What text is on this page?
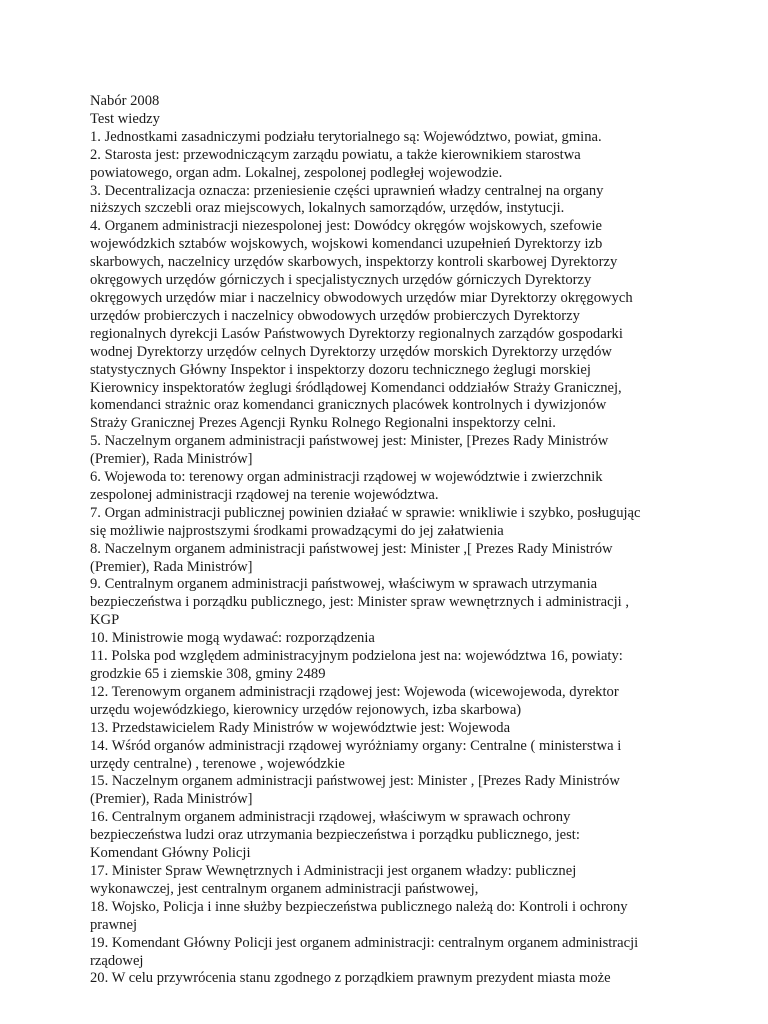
Nabór 2008
Test wiedzy
1. Jednostkami zasadniczymi podziału terytorialnego są: Województwo, powiat, gmina.
2. Starosta jest: przewodniczącym zarządu powiatu, a także kierownikiem starostwa
powiatowego, organ adm. Lokalnej, zespolonej podległej wojewodzie.
3. Decentralizacja oznacza: przeniesienie części uprawnień władzy centralnej na organy
niższych szczebli oraz miejscowych, lokalnych samorządów, urzędów, instytucji.
4. Organem administracji niezespolonej jest: Dowódcy okręgów wojskowych, szefowie
wojewódzkich sztabów wojskowych, wojskowi komendanci uzupełnień Dyrektorzy izb
skarbowych, naczelnicy urzędów skarbowych, inspektorzy kontroli skarbowej Dyrektorzy
okręgowych urzędów górniczych i specjalistycznych urzędów górniczych Dyrektorzy
okręgowych urzędów miar i naczelnicy obwodowych urzędów miar Dyrektorzy okręgowych
urzędów probierczych i naczelnicy obwodowych urzędów probierczych Dyrektorzy
regionalnych dyrekcji Lasów Państwowych Dyrektorzy regionalnych zarządów gospodarki
wodnej Dyrektorzy urzędów celnych Dyrektorzy urzędów morskich Dyrektorzy urzędów
statystycznych Główny Inspektor i inspektorzy dozoru technicznego żeglugi morskiej
Kierownicy inspektoratów żeglugi śródlądowej Komendanci oddziałów Straży Granicznej,
komendanci strażnic oraz komendanci granicznych placówek kontrolnych i dywizjonów
Straży Granicznej Prezes Agencji Rynku Rolnego Regionalni inspektorzy celni.
5. Naczelnym organem administracji państwowej jest: Minister, [Prezes Rady Ministrów
(Premier), Rada Ministrów]
6. Wojewoda to: terenowy organ administracji rządowej w województwie i zwierzchnik
zespolonej administracji rządowej na terenie województwa.
7. Organ administracji publicznej powinien działać w sprawie: wnikliwie i szybko, posługując
się możliwie najprostszymi środkami prowadzącymi do jej załatwienia
8. Naczelnym organem administracji państwowej jest: Minister ,[ Prezes Rady Ministrów
(Premier), Rada Ministrów]
9. Centralnym organem administracji państwowej, właściwym w sprawach utrzymania
bezpieczeństwa i porządku publicznego, jest: Minister spraw wewnętrznych i administracji ,
KGP
10. Ministrowie mogą wydawać: rozporządzenia
11. Polska pod względem administracyjnym podzielona jest na: województwa 16, powiaty:
grodzkie 65 i ziemskie 308, gminy 2489
12. Terenowym organem administracji rządowej jest: Wojewoda (wicewojewoda, dyrektor
urzędu wojewódzkiego, kierownicy urzędów rejonowych, izba skarbowa)
13. Przedstawicielem Rady Ministrów w województwie jest: Wojewoda
14. Wśród organów administracji rządowej wyróżniamy organy: Centralne ( ministerstwa i
urzędy centralne) , terenowe , wojewódzkie
15. Naczelnym organem administracji państwowej jest: Minister , [Prezes Rady Ministrów
(Premier), Rada Ministrów]
16. Centralnym organem administracji rządowej, właściwym w sprawach ochrony
bezpieczeństwa ludzi oraz utrzymania bezpieczeństwa i porządku publicznego, jest:
Komendant Główny Policji
17. Minister Spraw Wewnętrznych i Administracji jest organem władzy: publicznej
wykonawczej, jest centralnym organem administracji państwowej,
18. Wojsko, Policja i inne służby bezpieczeństwa publicznego należą do: Kontroli i ochrony
prawnej
19. Komendant Główny Policji jest organem administracji: centralnym organem administracji
rządowej
20. W celu przywrócenia stanu zgodnego z porządkiem prawnym prezydent miasta może
